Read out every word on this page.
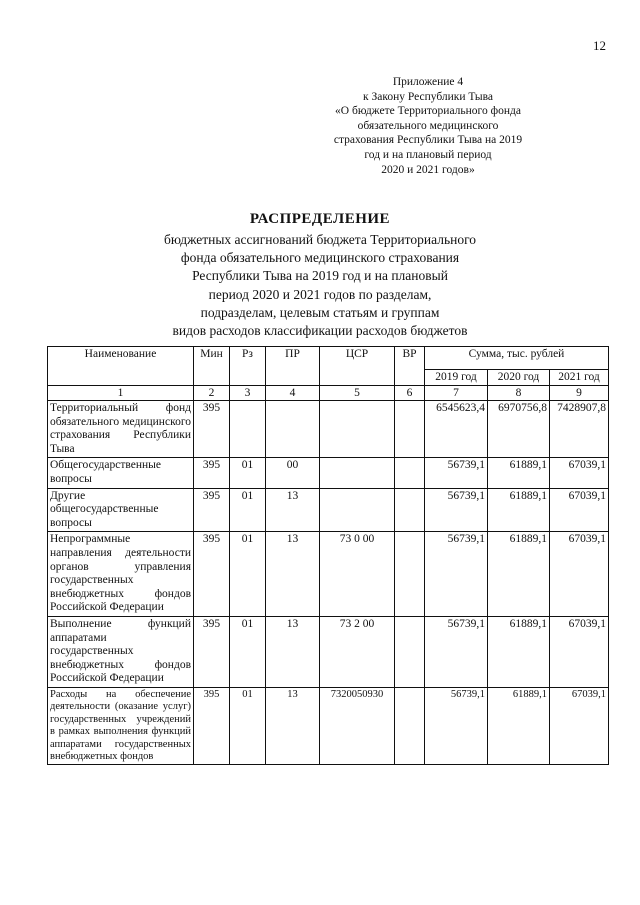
12
Приложение 4
к Закону Республики Тыва
«О бюджете Территориального фонда
обязательного медицинского
страхования Республики Тыва на 2019
год и на плановый период
2020 и 2021 годов»
РАСПРЕДЕЛЕНИЕ
бюджетных ассигнований бюджета Территориального
фонда обязательного медицинского страхования
Республики Тыва на 2019 год и на плановый
период 2020 и 2021 годов по разделам,
подразделам, целевым статьям и группам
видов расходов классификации расходов бюджетов
Наименование	Мин	Рз	ПР	ЦСР	ВР	Сумма, тыс. рублей		
						2019 год	2020 год	2021 год
1	2	3	4	5	6	7	8	9
Территориальный фонд обязательного медицинского страхования Республики Тыва	395					6545623,4	6970756,8	7428907,8
Общегосударственные вопросы	395	01	00			56739,1	61889,1	67039,1
Другие общегосударственные вопросы	395	01	13			56739,1	61889,1	67039,1
Непрограммные направления деятельности органов управления государственных внебюджетных фондов Российской Федерации	395	01	13	73 0 00		56739,1	61889,1	67039,1
Выполнение функций аппаратами государственных внебюджетных фондов Российской Федерации	395	01	13	73 2 00		56739,1	61889,1	67039,1
Расходы на обеспечение деятельности (оказание услуг) государственных учреждений в рамках выполнения функций аппаратами государственных внебюджетных фондов	395	01	13	7320050930		56739,1	61889,1	67039,1
